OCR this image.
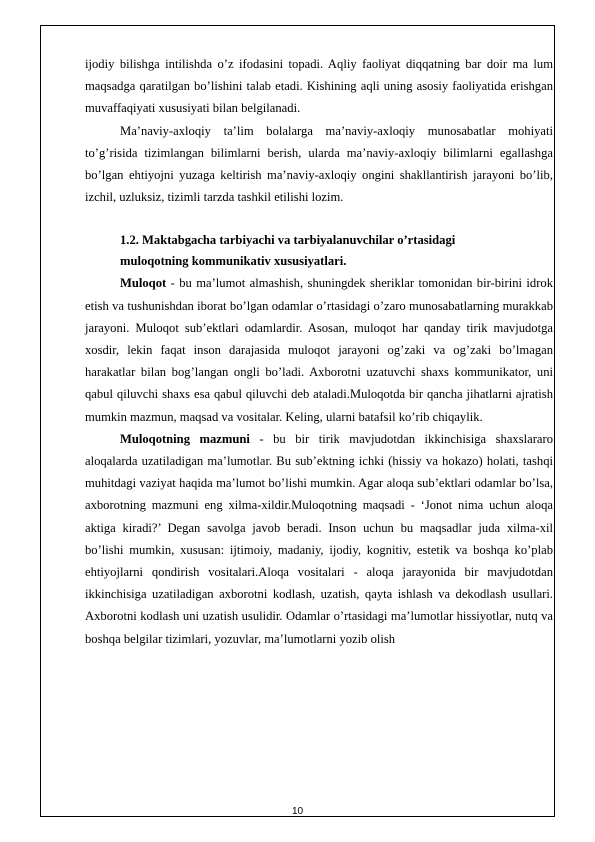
ijodiy bilishga intilishda o’z ifodasini topadi. Aqliy faoliyat diqqatning bar doir ma lum maqsadga qaratilgan bo’lishini talab etadi. Kishining aqli uning asosiy faoliyatida erishgan muvaffaqiyati xususiyati bilan belgilanadi.

Ma’naviy-axloqiy ta’lim bolalarga ma’naviy-axloqiy munosabatlar mohiyati to’g’risida tizimlangan bilimlarni berish, ularda ma’naviy-axloqiy bilimlarni egallashga bo’lgan ehtiyojni yuzaga keltirish ma’naviy-axloqiy ongini shakllantirish jarayoni bo’lib, izchil, uzluksiz, tizimli tarzda tashkil etilishi lozim.

1.2. Maktabgacha tarbiyachi va tarbiyalanuvchilar o’rtasidagi

muloqotning kommunikativ xususiyatlari.

Muloqot - bu ma’lumot almashish, shuningdek sheriklar tomonidan bir-birini idrok etish va tushunishdan iborat bo’lgan odamlar o’rtasidagi o’zaro munosabatlarning murakkab jarayoni. Muloqot sub’ektlari odamlardir. Asosan, muloqot har qanday tirik mavjudotga xosdir, lekin faqat inson darajasida muloqot jarayoni og’zaki va og’zaki bo’lmagan harakatlar bilan bog’langan ongli bo’ladi. Axborotni uzatuvchi shaxs kommunikator, uni qabul qiluvchi shaxs esa qabul qiluvchi deb ataladi.Muloqotda bir qancha jihatlarni ajratish mumkin mazmun, maqsad va vositalar. Keling, ularni batafsil ko’rib chiqaylik.

Muloqotning mazmuni - bu bir tirik mavjudotdan ikkinchisiga shaxslararo aloqalarda uzatiladigan ma’lumotlar. Bu sub’ektning ichki (hissiy va hokazo) holati, tashqi muhitdagi vaziyat haqida ma’lumot bo’lishi mumkin. Agar aloqa sub’ektlari odamlar bo’lsa, axborotning mazmuni eng xilma-xildir.Muloqotning maqsadi - ‘Jonot nima uchun aloqa aktiga kiradi?’ Degan savolga javob beradi. Inson uchun bu maqsadlar juda xilma-xil bo’lishi mumkin, xususan: ijtimoiy, madaniy, ijodiy, kognitiv, estetik va boshqa ko’plab ehtiyojlarni qondirish vositalari.Aloqa vositalari - aloqa jarayonida bir mavjudotdan ikkinchisiga uzatiladigan axborotni kodlash, uzatish, qayta ishlash va dekodlash usullari. Axborotni kodlash uni uzatish usulidir. Odamlar o’rtasidagi ma’lumotlar hissiyotlar, nutq va boshqa belgilar tizimlari, yozuvlar, ma’lumotlarni yozib olish

10
